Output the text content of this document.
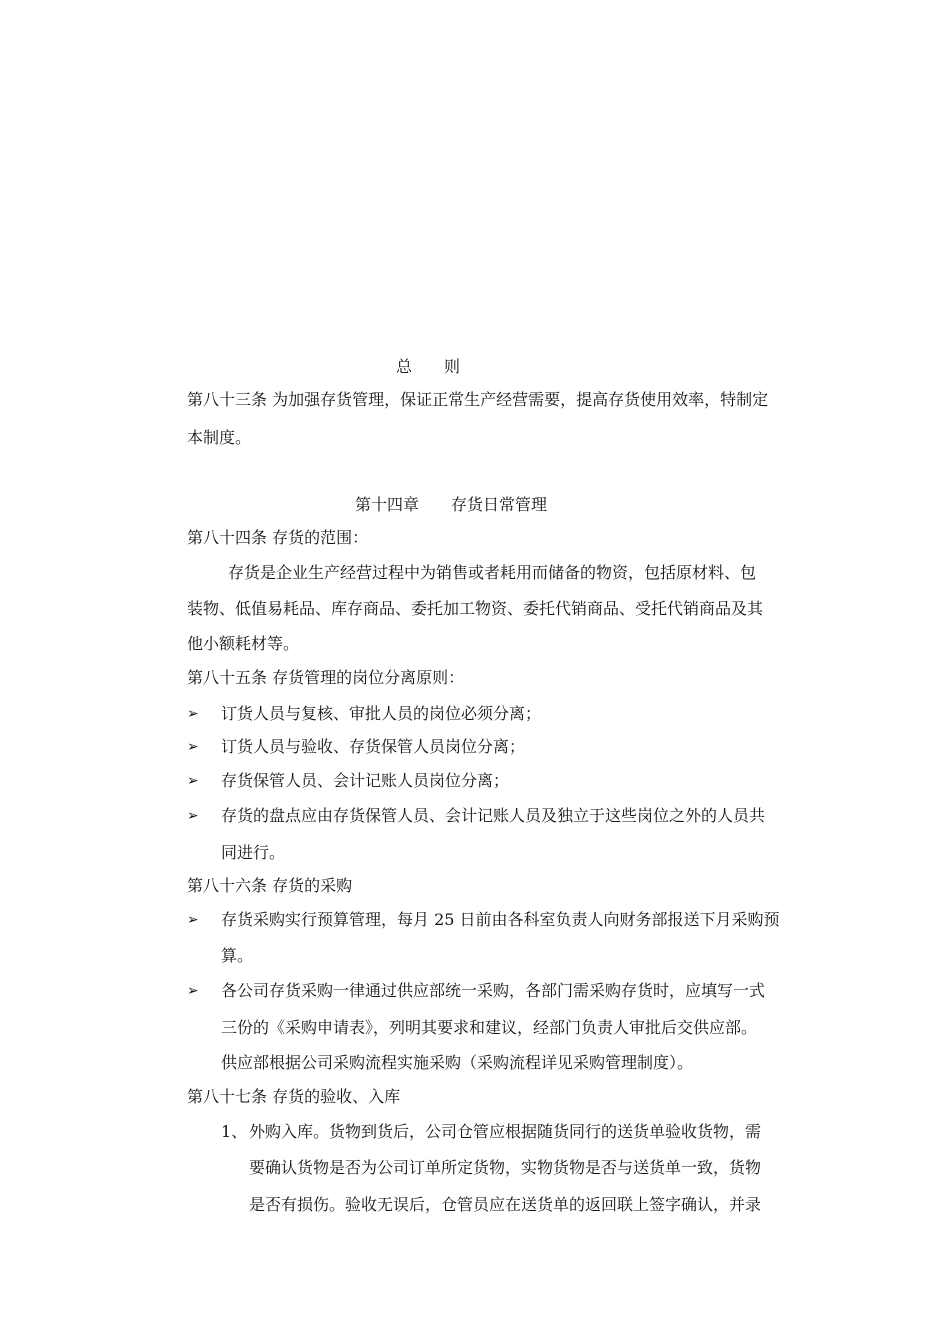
总　　则
第八十三条 为加强存货管理，保证正常生产经营需要，提高存货使用效率，特制定
本制度。
第十四章　　存货日常管理
第八十四条 存货的范围：
　存货是企业生产经营过程中为销售或者耗用而储备的物资，包括原材料、包
装物、低值易耗品、库存商品、委托加工物资、委托代销商品、受托代销商品及其
他小额耗材等。
第八十五条 存货管理的岗位分离原则：
➢ 订货人员与复核、审批人员的岗位必须分离；
➢ 订货人员与验收、存货保管人员岗位分离；
➢ 存货保管人员、会计记账人员岗位分离；
➢ 存货的盘点应由存货保管人员、会计记账人员及独立于这些岗位之外的人员共
同进行。
第八十六条 存货的采购
➢ 存货采购实行预算管理，每月 25 日前由各科室负责人向财务部报送下月采购预
算。
➢ 各公司存货采购一律通过供应部统一采购，各部门需采购存货时，应填写一式
三份的《采购申请表》，列明其要求和建议，经部门负责人审批后交供应部。
供应部根据公司采购流程实施采购（采购流程详见采购管理制度）。
第八十七条 存货的验收、入库
1、 外购入库。货物到货后，公司仓管应根据随货同行的送货单验收货物，需
要确认货物是否为公司订单所定货物，实物货物是否与送货单一致，货物
是否有损伤。验收无误后，仓管员应在送货单的返回联上签字确认，并录
